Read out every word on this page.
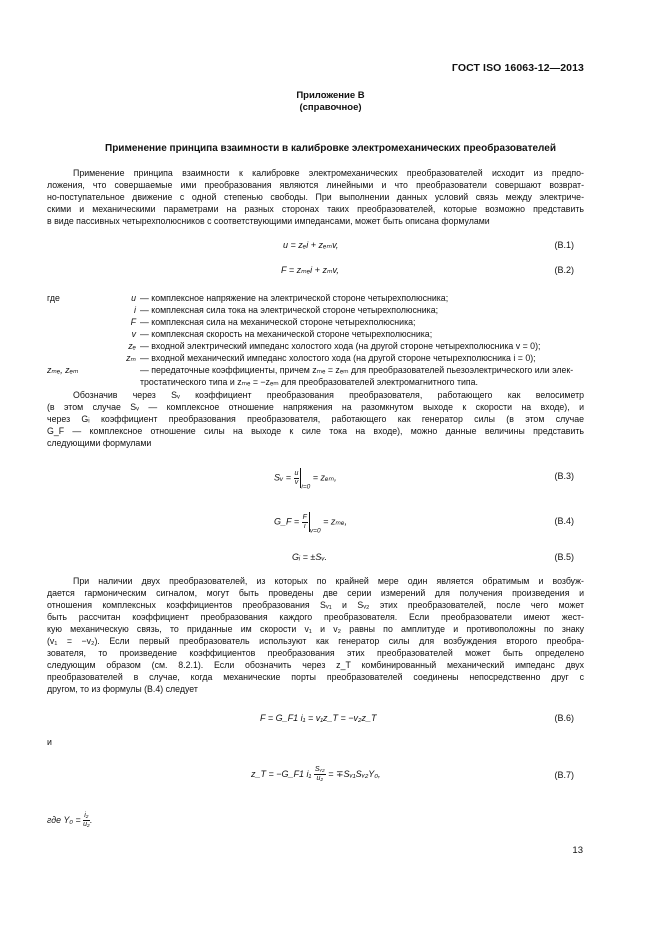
ГОСТ ISO 16063-12—2013
Приложение В
(справочное)
Применение принципа взаимности в калибровке электромеханических преобразователей

Применение принципа взаимности к калибровке электромеханических преобразователей исходит из предпо-
ложения, что совершаемые ими преобразования являются линейными и что преобразователи совершают возврат-
но-поступательное движение с одной степенью свободы. При выполнении данных условий связь между электриче-
скими и механическими параметрами на разных сторонах таких преобразователей, которые возможно представить
в виде пассивных четырехполюсников с соответствующими импедансами, может быть описана формулами

u = zₑi + zₑₘv,	(В.1)
F = zₘₑi + zₘv,	(В.2)
где	u — комплексное напряжение на электрической стороне четырехполюсника;
i — комплексная сила тока на электрической стороне четырехполюсника;
F — комплексная сила на механической стороне четырехполюсника;
v — комплексная скорость на механической стороне четырехполюсника;
zₑ — входной электрический импеданс холостого хода (на другой стороне четырехполюсника v = 0);
zₘ — входной механический импеданс холостого хода (на другой стороне четырехполюсника i = 0);
zₘₑ, zₑₘ	— передаточные коэффициенты, причем zₘₑ = zₑₘ для преобразователей пьезоэлектрического или элек-
тростатического типа и zₘₑ = −zₑₘ для преобразователей электромагнитного типа.

Обозначив через Sᵥ коэффициент преобразования преобразователя, работающего как велосиметр
(в этом случае Sᵥ — комплексное отношение напряжения на разомкнутом выходе к скорости на входе), и
через Gᵢ коэффициент преобразования преобразователя, работающего как генератор силы (в этом случае
G_F — комплексное отношение силы на выходе к силе тока на входе), можно данные величины представить
следующими формулами

Sᵥ = $\frac{u}{v}$
$_{i=0}$ = zₑₘ,	(В.3)
G_F = $\frac{F}{i}$
$_{v=0}$ = zₘₑ,	(В.4)
Gᵢ = ±Sᵥ.	(В.5)

При наличии двух преобразователей, из которых по крайней мере один является обратимым и возбуж-
дается гармоническим сигналом, могут быть проведены две серии измерений для получения произведения и
отношения комплексных коэффициентов преобразования Sᵥ₁ и Sᵥ₂ этих преобразователей, после чего может
быть рассчитан коэффициент преобразования каждого преобразователя. Если преобразователи имеют жест-
кую механическую связь, то приданные им скорости v₁ и v₂ равны по амплитуде и противоположны по знаку
(v₁ = −v₂). Если первый преобразователь используют как генератор силы для возбуждения второго преобра-
зователя, то произведение коэффициентов преобразования этих преобразователей может быть определено
следующим образом (см. 8.2.1). Если обозначить через z_T комбинированный механический импеданс двух
преобразователей в случае, когда механические порты преобразователей соединены непосредственно друг с
другом, то из формулы (В.4) следует

F = G_F1 i₁ = v₁z_T = −v₂z_T	(В.6)
и
z_T = −G_F1 $i_1 \frac{\text{Sᵥ₂}}{\text{u₂}}$ = ∓Sᵥ₁Sᵥ₂Y₀,	(В.7)
где $Y_0 = \frac{\text{i₂}}{\text{u₂}}$ .
13
